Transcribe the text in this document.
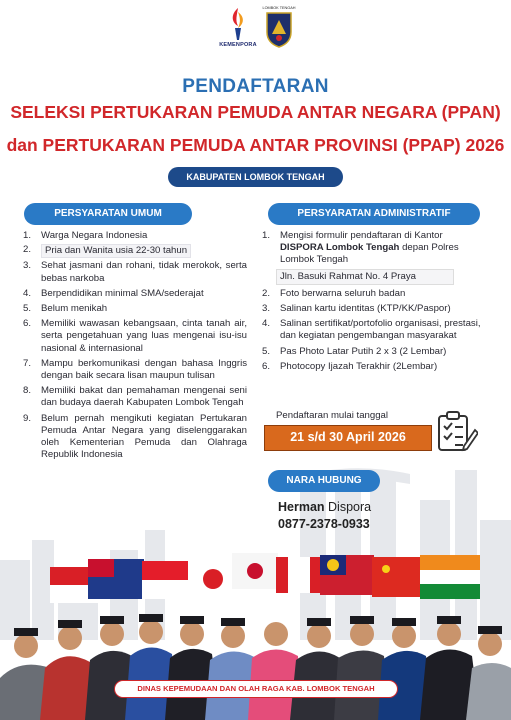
KEMENPORA
LOMBOK TENGAH
PENDAFTARAN
SELEKSI PERTUKARAN PEMUDA ANTAR NEGARA (PPAN)
dan PERTUKARAN PEMUDA ANTAR PROVINSI (PPAP) 2026
KABUPATEN LOMBOK TENGAH
PERSYARATAN UMUM
1. Warga Negara Indonesia
2. Pria dan Wanita usia 22-30 tahun
3. Sehat jasmani dan rohani, tidak merokok, serta bebas narkoba
4. Berpendidikan minimal SMA/sederajat
5. Belum menikah
6. Memiliki wawasan kebangsaan, cinta tanah air, serta pengetahuan yang luas mengenai isu-isu nasional & internasional
7. Mampu berkomunikasi dengan bahasa Inggris dengan baik secara lisan maupun tulisan
8. Memiliki bakat dan pemahaman mengenai seni dan budaya daerah Kabupaten Lombok Tengah
9. Belum pernah mengikuti kegiatan Pertukaran Pemuda Antar Negara yang diselenggarakan oleh Kementerian Pemuda dan Olahraga Republik Indonesia
PERSYARATAN ADMINISTRATIF
1. Mengisi formulir pendaftaran di Kantor DISPORA Lombok Tengah depan Polres Lombok Tengah
Jln. Basuki Rahmat No. 4 Praya
2. Foto berwarna seluruh badan
3. Salinan kartu identitas (KTP/KK/Paspor)
4. Salinan sertifikat/portofolio organisasi, prestasi, dan kegiatan pengembangan masyarakat
5. Pas Photo Latar Putih 2 x 3 (2 Lembar)
6. Photocopy Ijazah Terakhir (2Lembar)
Pendaftaran mulai tanggal
21 s/d 30 April 2026
NARA HUBUNG
Herman Dispora
0877-2378-0933
DINAS KEPEMUDAAN DAN OLAH RAGA KAB. LOMBOK TENGAH
